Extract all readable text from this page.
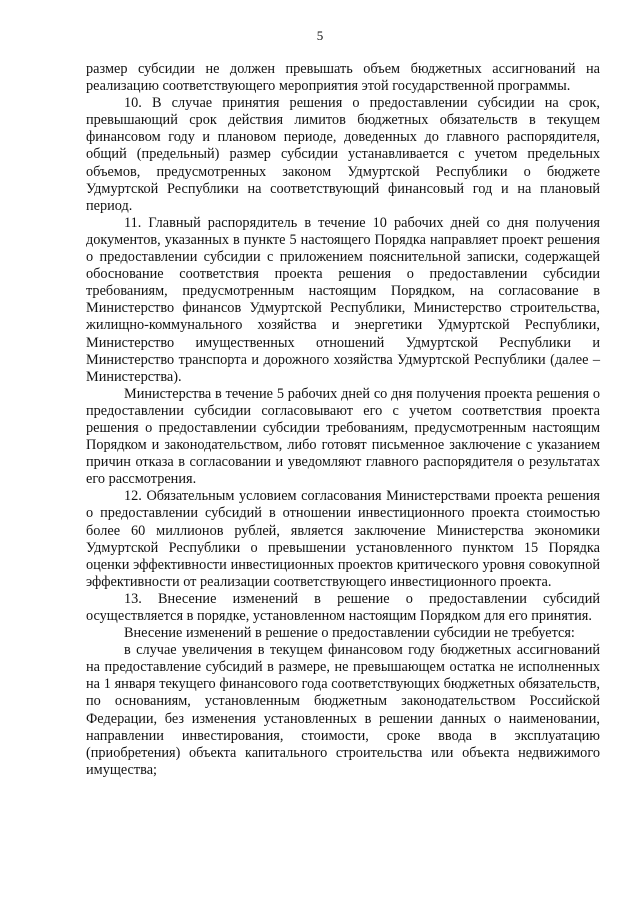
5

размер субсидии не должен превышать объем бюджетных ассигнований на реализацию соответствующего мероприятия этой государственной программы.

10. В случае принятия решения о предоставлении субсидии на срок, превышающий срок действия лимитов бюджетных обязательств в текущем финансовом году и плановом периоде, доведенных до главного распорядителя, общий (предельный) размер субсидии устанавливается с учетом предельных объемов, предусмотренных законом Удмуртской Республики о бюджете Удмуртской Республики на соответствующий финансовый год и на плановый период.

11. Главный распорядитель в течение 10 рабочих дней со дня получения документов, указанных в пункте 5 настоящего Порядка направляет проект решения о предоставлении субсидии с приложением пояснительной записки, содержащей обоснование соответствия проекта решения о предоставлении субсидии требованиям, предусмотренным настоящим Порядком, на согласование в Министерство финансов Удмуртской Республики, Министерство строительства, жилищно-коммунального хозяйства и энергетики Удмуртской Республики, Министерство имущественных отношений Удмуртской Республики и Министерство транспорта и дорожного хозяйства Удмуртской Республики (далее – Министерства).

Министерства в течение 5 рабочих дней со дня получения проекта решения о предоставлении субсидии согласовывают его с учетом соответствия проекта решения о предоставлении субсидии требованиям, предусмотренным настоящим Порядком и законодательством, либо готовят письменное заключение с указанием причин отказа в согласовании и уведомляют главного распорядителя о результатах его рассмотрения.

12. Обязательным условием согласования Министерствами проекта решения о предоставлении субсидий в отношении инвестиционного проекта стоимостью более 60 миллионов рублей, является заключение Министерства экономики Удмуртской Республики о превышении установленного пунктом 15 Порядка оценки эффективности инвестиционных проектов критического уровня совокупной эффективности от реализации соответствующего инвестиционного проекта.

13. Внесение изменений в решение о предоставлении субсидий осуществляется в порядке, установленном настоящим Порядком для его принятия.

Внесение изменений в решение о предоставлении субсидии не требуется:

в случае увеличения в текущем финансовом году бюджетных ассигнований на предоставление субсидий в размере, не превышающем остатка не исполненных на 1 января текущего финансового года соответствующих бюджетных обязательств, по основаниям, установленным бюджетным законодательством Российской Федерации, без изменения установленных в решении данных о наименовании, направлении инвестирования, стоимости, сроке ввода в эксплуатацию (приобретения) объекта капитального строительства или объекта недвижимого имущества;
